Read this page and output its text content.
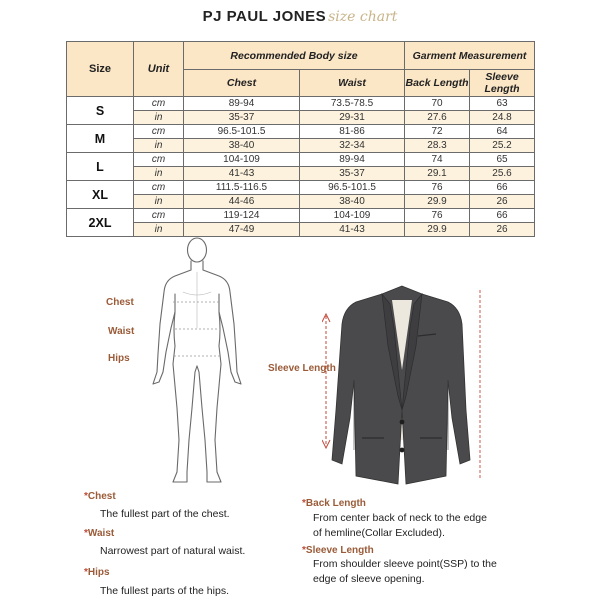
PJ PAUL JONES size chart
Size	Unit	Recommended Body size		Garment Measurement	
		Chest	Waist	Back Length	Sleeve Length
S	cm	89-94	73.5-78.5	70	63
	in	35-37	29-31	27.6	24.8
M	cm	96.5-101.5	81-86	72	64
	in	38-40	32-34	28.3	25.2
L	cm	104-109	89-94	74	65
	in	41-43	35-37	29.1	25.6
XL	cm	111.5-116.5	96.5-101.5	76	66
	in	44-46	38-40	29.9	26
2XL	cm	119-124	104-109	76	66
	in	47-49	41-43	29.9	26
Chest
Waist
Hips
Sleeve Length
*Chest
The fullest part of the chest.
*Waist
Narrowest part of natural waist.
*Hips
The fullest parts of the hips.
*Back Length
From center back of neck to the edge
of hemline(Collar Excluded).
*Sleeve Length
From shoulder sleeve point(SSP) to the
edge of sleeve opening.
